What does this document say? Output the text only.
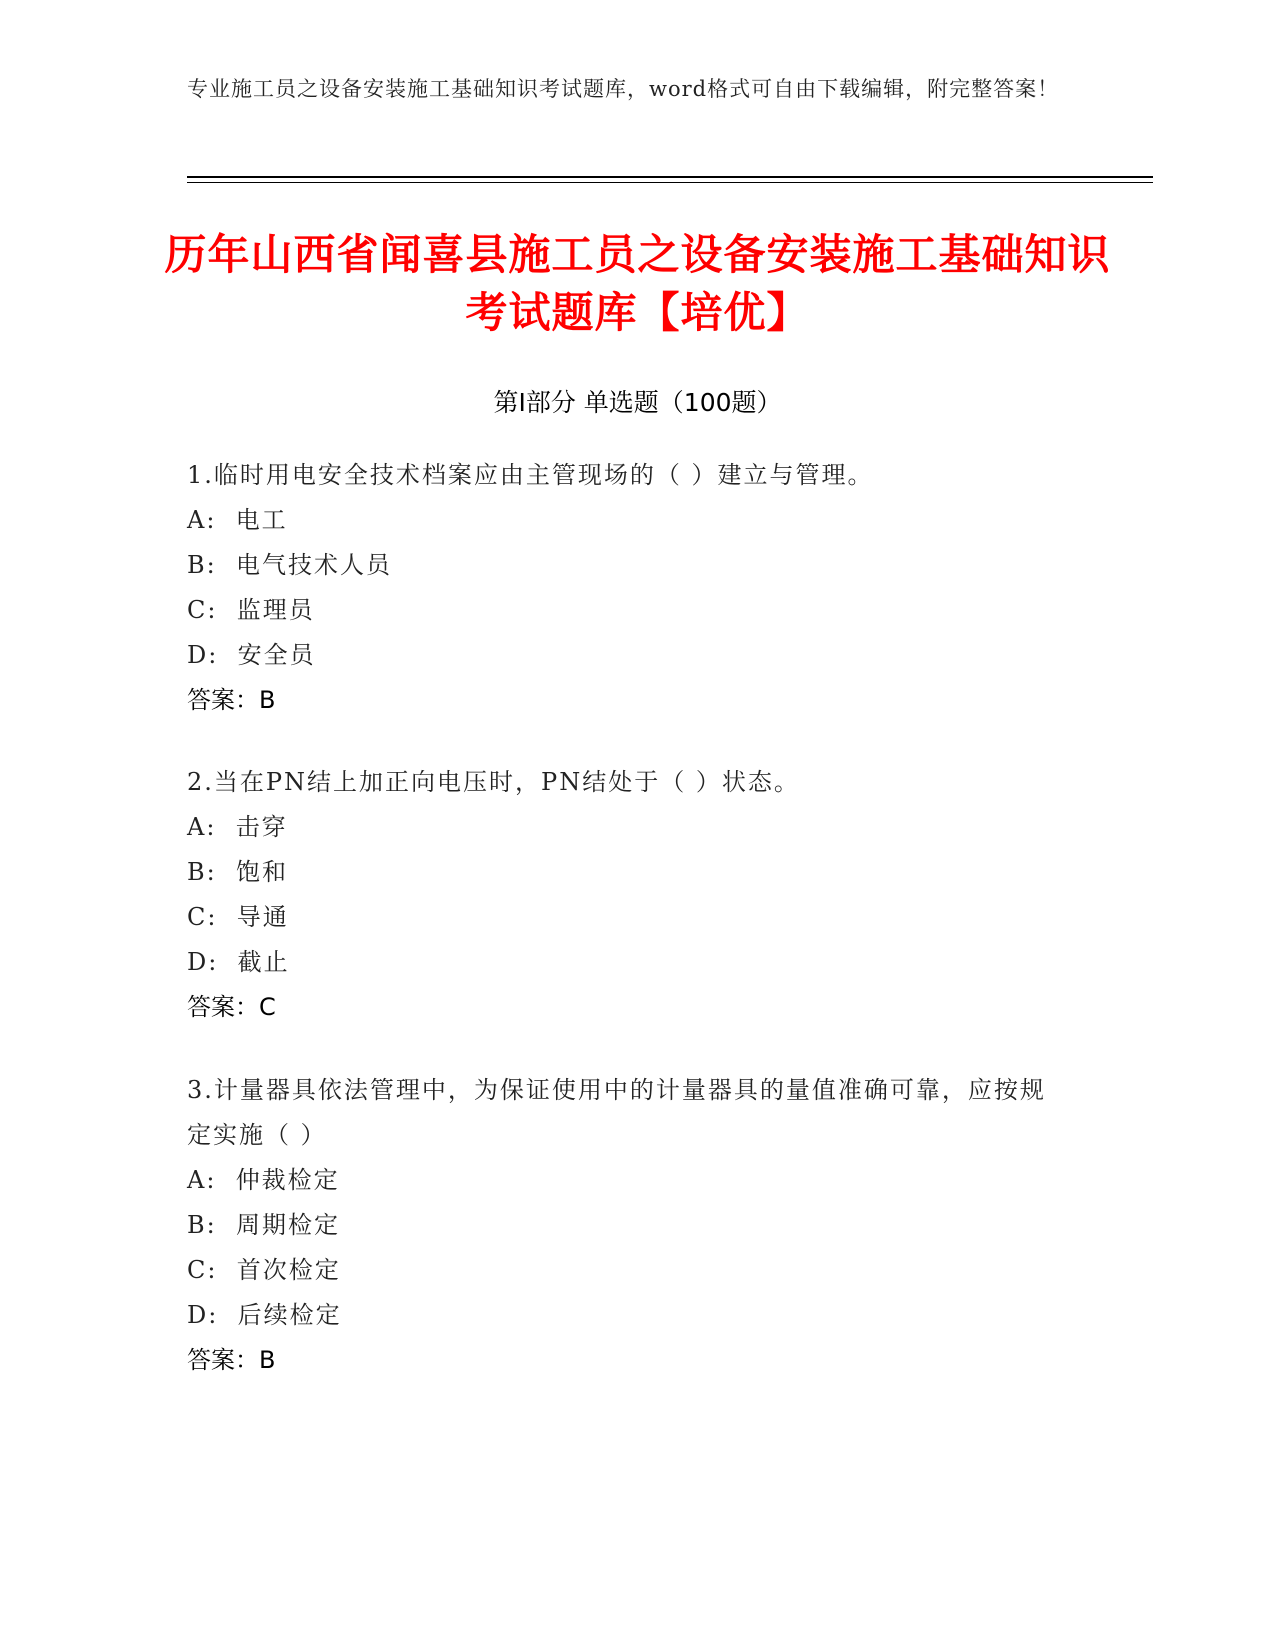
专业施工员之设备安装施工基础知识考试题库，word格式可自由下载编辑，附完整答案！
历年山西省闻喜县施工员之设备安装施工基础知识考试题库【培优】
第Ⅰ部分 单选题（100题）
1.临时用电安全技术档案应由主管现场的（ ）建立与管理。
A: 电工
B: 电气技术人员
C: 监理员
D: 安全员
答案：B
2.当在PN结上加正向电压时，PN结处于（ ）状态。
A: 击穿
B: 饱和
C: 导通
D: 截止
答案：C
3.计量器具依法管理中，为保证使用中的计量器具的量值准确可靠，应按规定实施（ ）
A: 仲裁检定
B: 周期检定
C: 首次检定
D: 后续检定
答案：B
